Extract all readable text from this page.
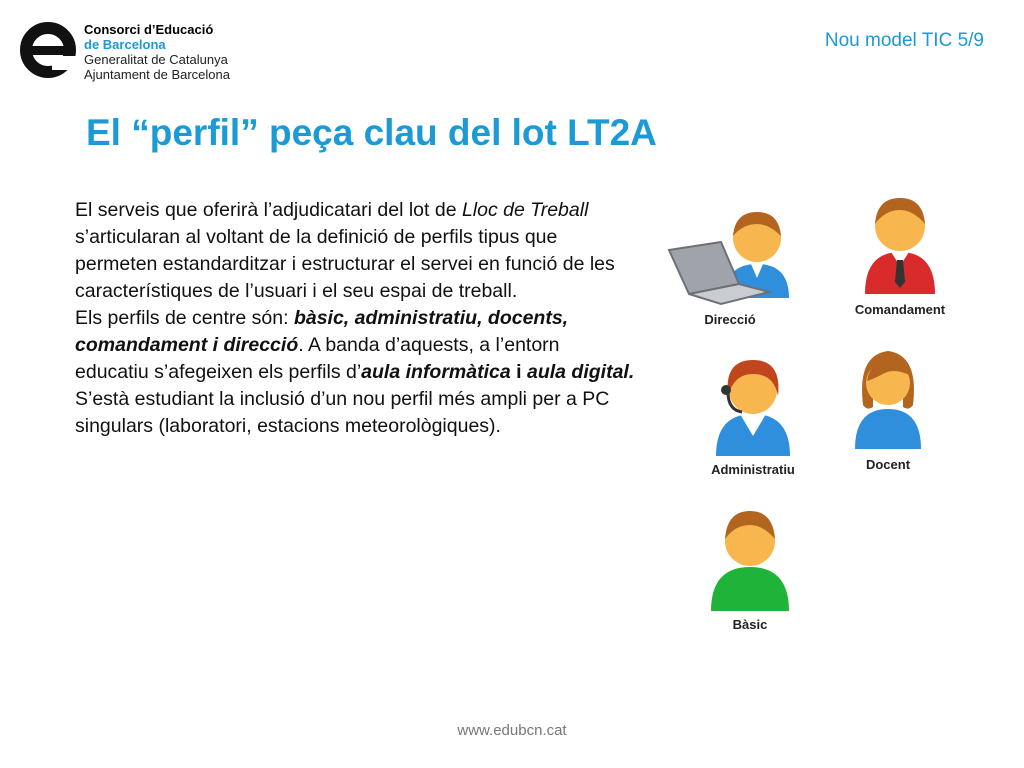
Consorci d’Educació
de Barcelona
Generalitat de Catalunya
Ajuntament de Barcelona
Nou model TIC 5/9
El “perfil” peça clau del lot LT2A

El serveis que oferirà l’adjudicatari del lot de Lloc de Treball s’articularan al voltant de la definició de perfils tipus que permeten estandarditzar i estructurar el servei en funció de les característiques de l’usuari i el seu espai de treball.

Els perfils de centre són: bàsic, administratiu, docents, comandament i direcció. A banda d’aquests, a l’entorn educatiu s’afegeixen els perfils d’aula informàtica i aula digital.

S’està estudiant la inclusió d’un nou perfil més ampli per a PC singulars (laboratori, estacions meteorològiques).

Direcció
Comandament
Administratiu	Docent
Bàsic
www.edubcn.cat
